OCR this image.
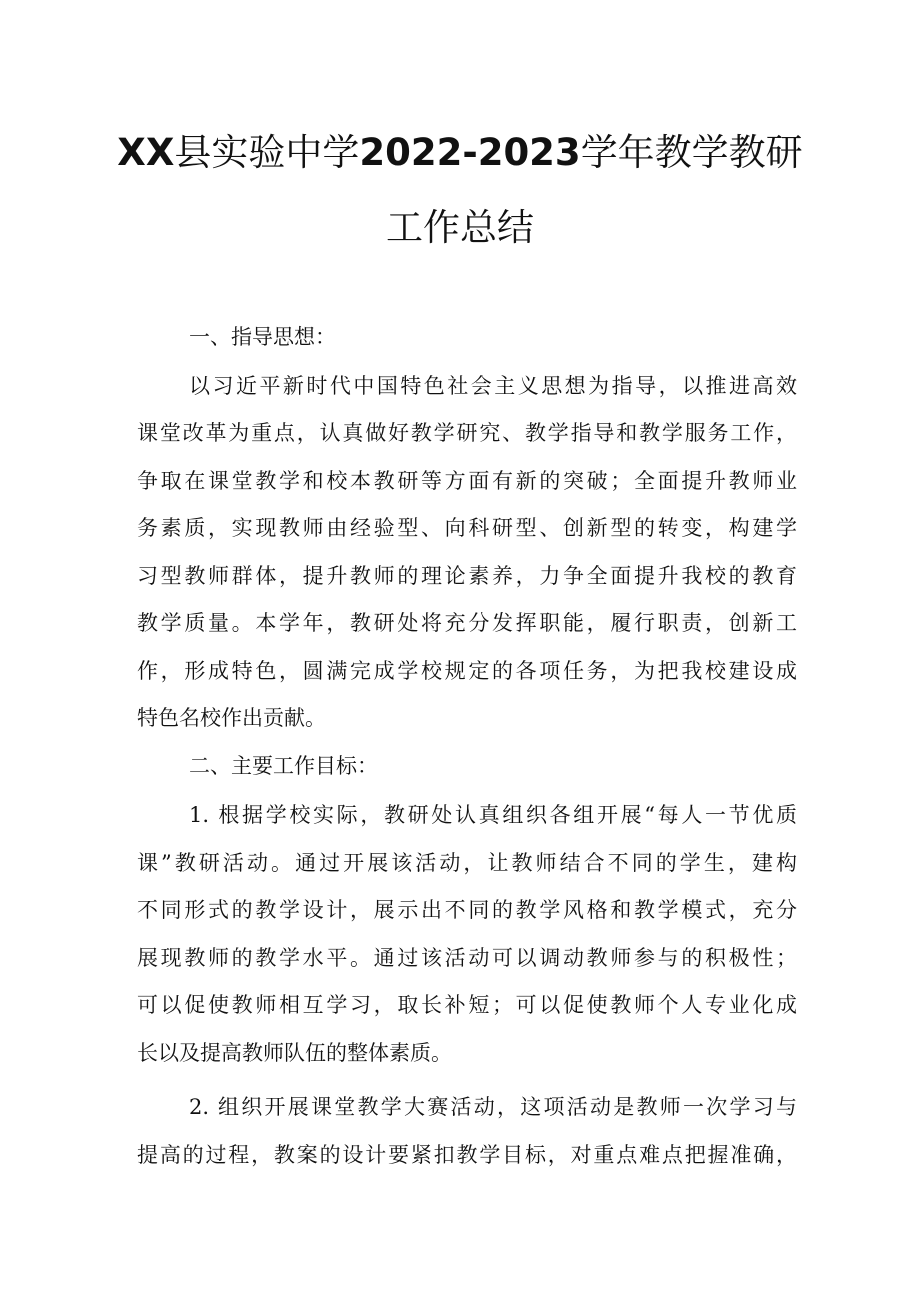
XX县实验中学2022-2023学年教学教研
工作总结
一、指导思想：
以习近平新时代中国特色社会主义思想为指导，以推进高效
课堂改革为重点，认真做好教学研究、教学指导和教学服务工作，
争取在课堂教学和校本教研等方面有新的突破；全面提升教师业
务素质，实现教师由经验型、向科研型、创新型的转变，构建学
习型教师群体，提升教师的理论素养，力争全面提升我校的教育
教学质量。本学年，教研处将充分发挥职能，履行职责，创新工
作，形成特色，圆满完成学校规定的各项任务，为把我校建设成
特色名校作出贡献。
二、主要工作目标：
1. 根据学校实际，教研处认真组织各组开展“每人一节优质
课”教研活动。通过开展该活动，让教师结合不同的学生，建构
不同形式的教学设计，展示出不同的教学风格和教学模式，充分
展现教师的教学水平。通过该活动可以调动教师参与的积极性；
可以促使教师相互学习，取长补短；可以促使教师个人专业化成
长以及提高教师队伍的整体素质。
2. 组织开展课堂教学大赛活动，这项活动是教师一次学习与
提高的过程，教案的设计要紧扣教学目标，对重点难点把握准确，
